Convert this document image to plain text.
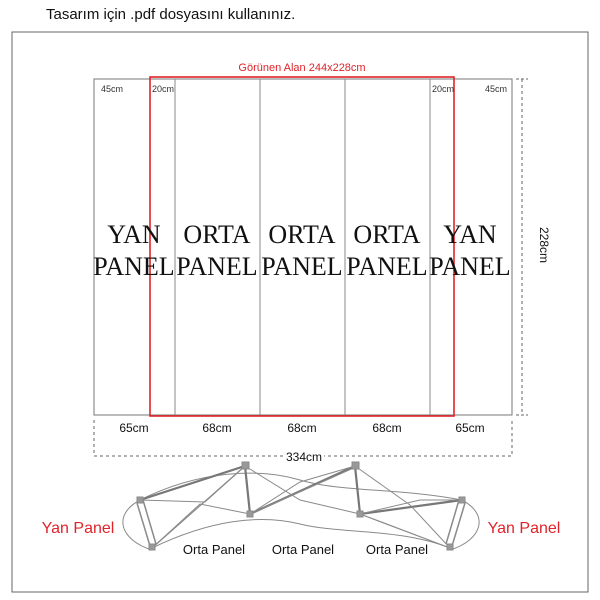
Tasarım için .pdf dosyasını kullanınız.
Görünen Alan 244x228cm
45cm	20cm	20cm	45cm
YAN
PANEL
ORTA
PANEL
ORTA
PANEL
ORTA
PANEL
YAN
PANEL
228cm
65cm	68cm	68cm	68cm	65cm
334cm
Yan Panel	Yan Panel
Orta Panel Orta Panel Orta Panel
